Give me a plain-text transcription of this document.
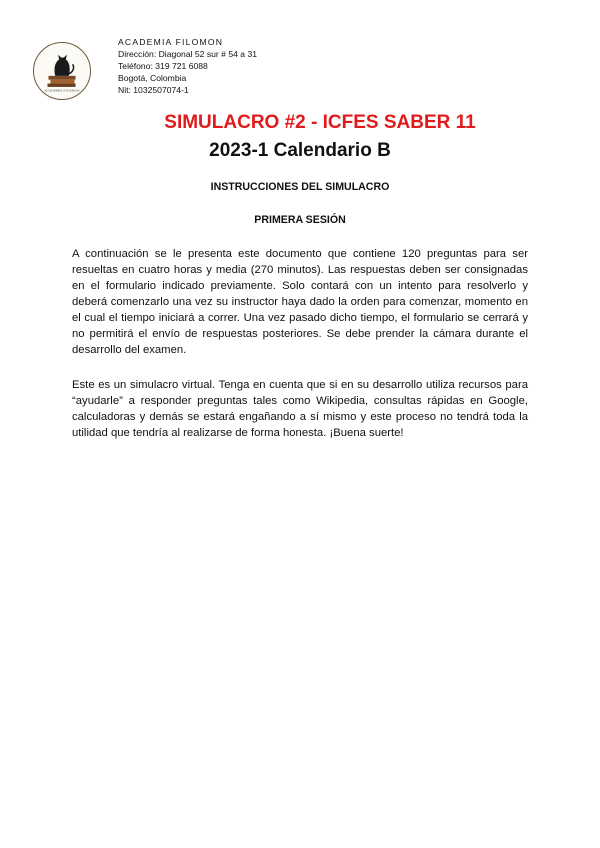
ACADEMIA FILOMON
ACADEMIA FILOMON
Dirección: Diagonal 52 sur # 54 a 31
Teléfono: 319 721 6088
Bogotá, Colombia
Nit: 1032507074-1
SIMULACRO #2 - ICFES SABER 11
2023-1 Calendario B
INSTRUCCIONES DEL SIMULACRO
PRIMERA SESIÓN

A continuación se le presenta este documento que contiene 120 preguntas para ser resueltas en cuatro horas y media (270 minutos). Las respuestas deben ser consignadas en el formulario indicado previamente. Solo contará con un intento para resolverlo y deberá comenzarlo una vez su instructor haya dado la orden para comenzar, momento en el cual el tiempo iniciará a correr. Una vez pasado dicho tiempo, el formulario se cerrará y no permitirá el envío de respuestas posteriores. Se debe prender la cámara durante el desarrollo del examen.

Este es un simulacro virtual. Tenga en cuenta que si en su desarrollo utiliza recursos para “ayudarle” a responder preguntas tales como Wikipedia, consultas rápidas en Google, calculadoras y demás se estará engañando a sí mismo y este proceso no tendrá toda la utilidad que tendría al realizarse de forma honesta. ¡Buena suerte!
